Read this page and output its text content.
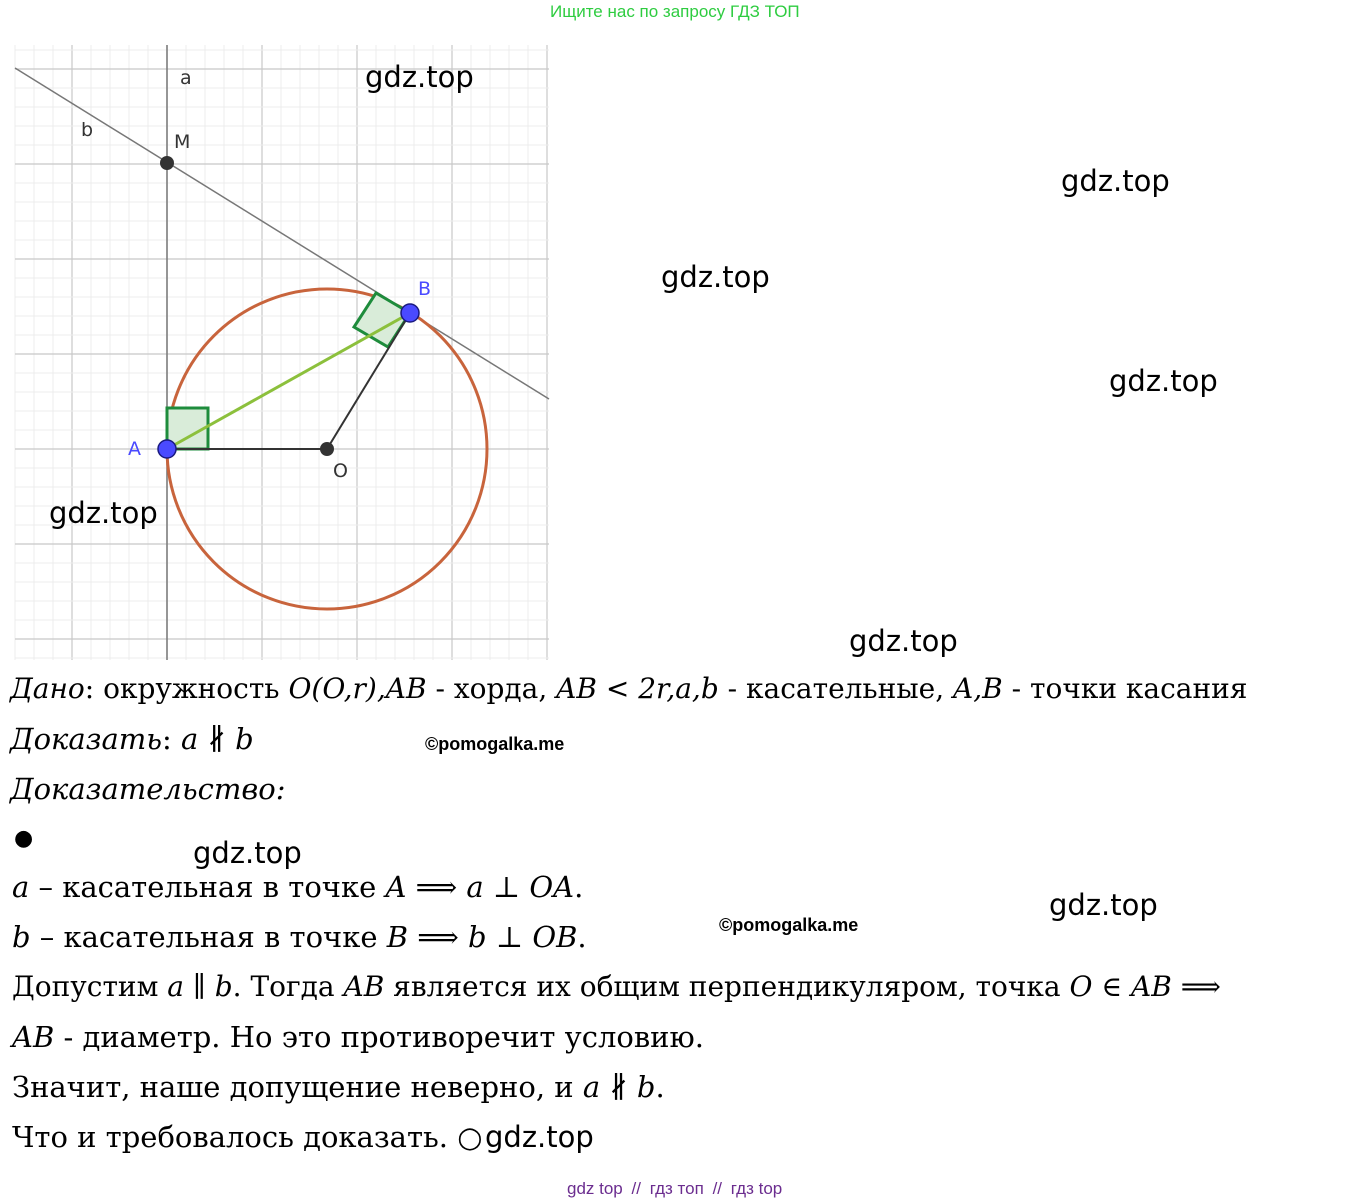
Ищите нас по запросу ГДЗ ТОП
a
b
M
B
A
O
gdz.top
gdz.top
gdz.top
gdz.top
gdz.top
gdz.top
gdz.top
gdz.top
gdz.top
©pomogalka.me
©pomogalka.me
Дано: окружность O(O,r),AB - хорда, AB < 2r,a,b - касательные, A,B - точки касания
Доказать: a ∦ b
Доказательство:
●
a – касательная в точке A ⟹ a ⊥ OA.
b – касательная в точке B ⟹ b ⊥ OB.
Допустим a ∥ b. Тогда AB является их общим перпендикуляром, точка O ∈ AB ⟹
AB - диаметр. Но это противоречит условию.
Значит, наше допущение неверно, и a ∦ b.
Что и требовалось доказать. ○
gdz top // гдз топ // гдз top
